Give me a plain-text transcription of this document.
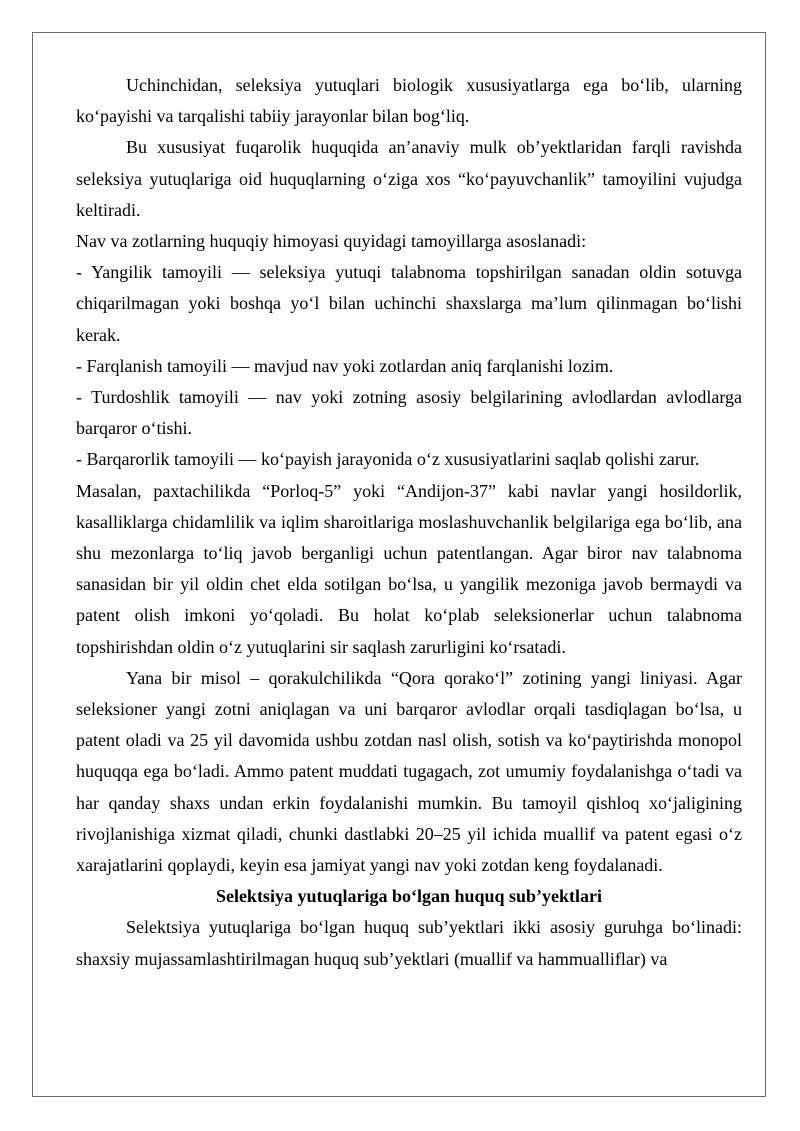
Uchinchidan, seleksiya yutuqlari biologik xususiyatlarga ega bo‘lib, ularning ko‘payishi va tarqalishi tabiiy jarayonlar bilan bog‘liq.

Bu xususiyat fuqarolik huquqida an’anaviy mulk ob’yektlaridan farqli ravishda seleksiya yutuqlariga oid huquqlarning o‘ziga xos “ko‘payuvchanlik” tamoyilini vujudga keltiradi.

Nav va zotlarning huquqiy himoyasi quyidagi tamoyillarga asoslanadi:

- Yangilik tamoyili — seleksiya yutuqi talabnoma topshirilgan sanadan oldin sotuvga chiqarilmagan yoki boshqa yo‘l bilan uchinchi shaxslarga ma’lum qilinmagan bo‘lishi kerak.

- Farqlanish tamoyili — mavjud nav yoki zotlardan aniq farqlanishi lozim.

- Turdoshlik tamoyili — nav yoki zotning asosiy belgilarining avlodlardan avlodlarga barqaror o‘tishi.

- Barqarorlik tamoyili — ko‘payish jarayonida o‘z xususiyatlarini saqlab qolishi zarur.

Masalan, paxtachilikda “Porloq-5” yoki “Andijon-37” kabi navlar yangi hosildorlik, kasalliklarga chidamlilik va iqlim sharoitlariga moslashuvchanlik belgilariga ega bo‘lib, ana shu mezonlarga to‘liq javob berganligi uchun patentlangan. Agar biror nav talabnoma sanasidan bir yil oldin chet elda sotilgan bo‘lsa, u yangilik mezoniga javob bermaydi va patent olish imkoni yo‘qoladi. Bu holat ko‘plab seleksionerlar uchun talabnoma topshirishdan oldin o‘z yutuqlarini sir saqlash zarurligini ko‘rsatadi.

Yana bir misol – qorakulchilikda “Qora qorako‘l” zotining yangi liniyasi. Agar seleksioner yangi zotni aniqlagan va uni barqaror avlodlar orqali tasdiqlagan bo‘lsa, u patent oladi va 25 yil davomida ushbu zotdan nasl olish, sotish va ko‘paytirishda monopol huquqqa ega bo‘ladi. Ammo patent muddati tugagach, zot umumiy foydalanishga o‘tadi va har qanday shaxs undan erkin foydalanishi mumkin. Bu tamoyil qishloq xo‘jaligining rivojlanishiga xizmat qiladi, chunki dastlabki 20–25 yil ichida muallif va patent egasi o‘z xarajatlarini qoplaydi, keyin esa jamiyat yangi nav yoki zotdan keng foydalanadi.

Selektsiya yutuqlariga bo‘lgan huquq sub’yektlari

Selektsiya yutuqlariga bo‘lgan huquq sub’yektlari ikki asosiy guruhga bo‘linadi: shaxsiy mujassamlashtirilmagan huquq sub’yektlari (muallif va hammualliflar) va
